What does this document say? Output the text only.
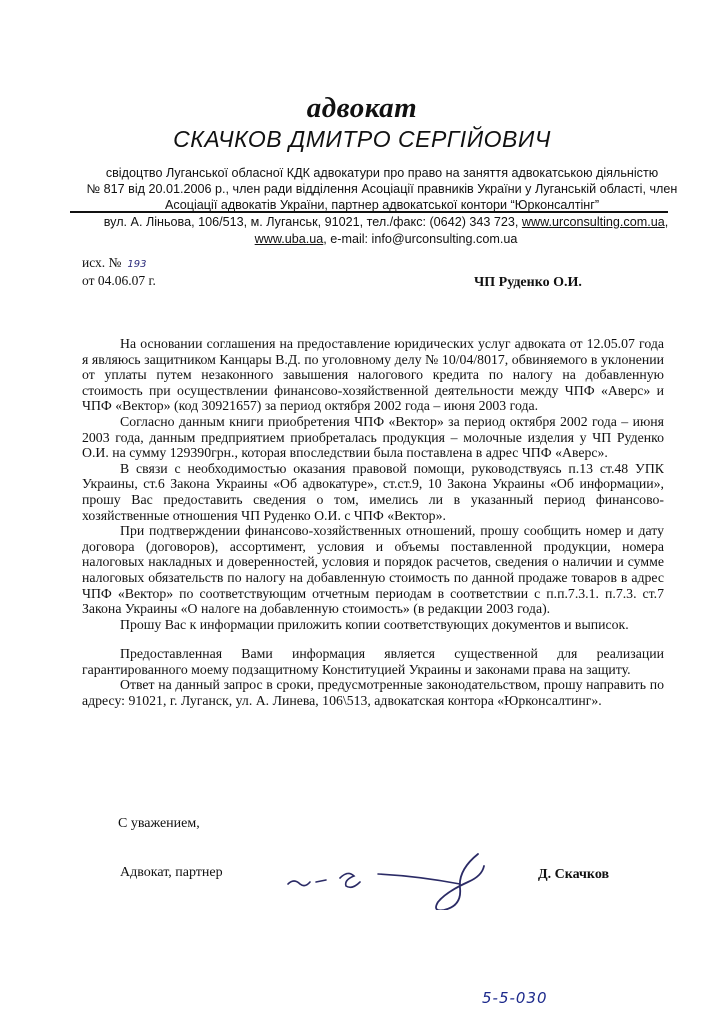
адвокат
СКАЧКОВ ДМИТРО СЕРГІЙОВИЧ
свідоцтво Луганської обласної КДК адвокатури про право на заняття адвокатською діяльністю
№ 817 від 20.01.2006 р., член ради відділення Асоціації правників України у Луганській області, член
Асоціації адвокатів України, партнер адвокатської контори “Юрконсалтінг”
вул. А. Ліньова, 106/513, м. Луганськ, 91021, тел./факс: (0642) 343 723, www.urconsulting.com.ua,
www.uba.ua, e-mail: info@urconsulting.com.ua
исх. № 193
от 04.06.07 г.	ЧП Руденко О.И.

На основании соглашения на предоставление юридических услуг адвоката от 12.05.07 года я являюсь защитником Канцары В.Д. по уголовному делу № 10/04/8017, обвиняемого в уклонении от уплаты путем незаконного завышения налогового кредита по налогу на добавленную стоимость при осуществлении финансово-хозяйственной деятельности между ЧПФ «Аверс» и ЧПФ «Вектор» (код 30921657) за период октября 2002 года – июня 2003 года.

Согласно данным книги приобретения ЧПФ «Вектор» за период октября 2002 года – июня 2003 года, данным предприятием приобреталась продукция – молочные изделия у ЧП Руденко О.И. на сумму 129390грн., которая впоследствии была поставлена в адрес ЧПФ «Аверс».

В связи с необходимостью оказания правовой помощи, руководствуясь п.13 ст.48 УПК Украины, ст.6 Закона Украины «Об адвокатуре», ст.ст.9, 10 Закона Украины «Об информации», прошу Вас предоставить сведения о том, имелись ли в указанный период финансово-хозяйственные отношения ЧП Руденко О.И. с ЧПФ «Вектор».

При подтверждении финансово-хозяйственных отношений, прошу сообщить номер и дату договора (договоров), ассортимент, условия и объемы поставленной продукции, номера налоговых накладных и доверенностей, условия и порядок расчетов, сведения о наличии и сумме налоговых обязательств по налогу на добавленную стоимость по данной продаже товаров в адрес ЧПФ «Вектор» по соответствующим отчетным периодам в соответствии с п.п.7.3.1. п.7.3. ст.7 Закона Украины «О налоге на добавленную стоимость» (в редакции 2003 года).

Прошу Вас к информации приложить копии соответствующих документов и выписок.

Предоставленная Вами информация является существенной для реализации гарантированного моему подзащитному Конституцией Украины и законами права на защиту.

Ответ на данный запрос в сроки, предусмотренные законодательством, прошу направить по адресу: 91021, г. Луганск, ул. А. Линева, 106\513, адвокатская контора «Юрконсалтинг».

С уважением,
Адвокат, партнер	Д. Скачков
5-5-030
